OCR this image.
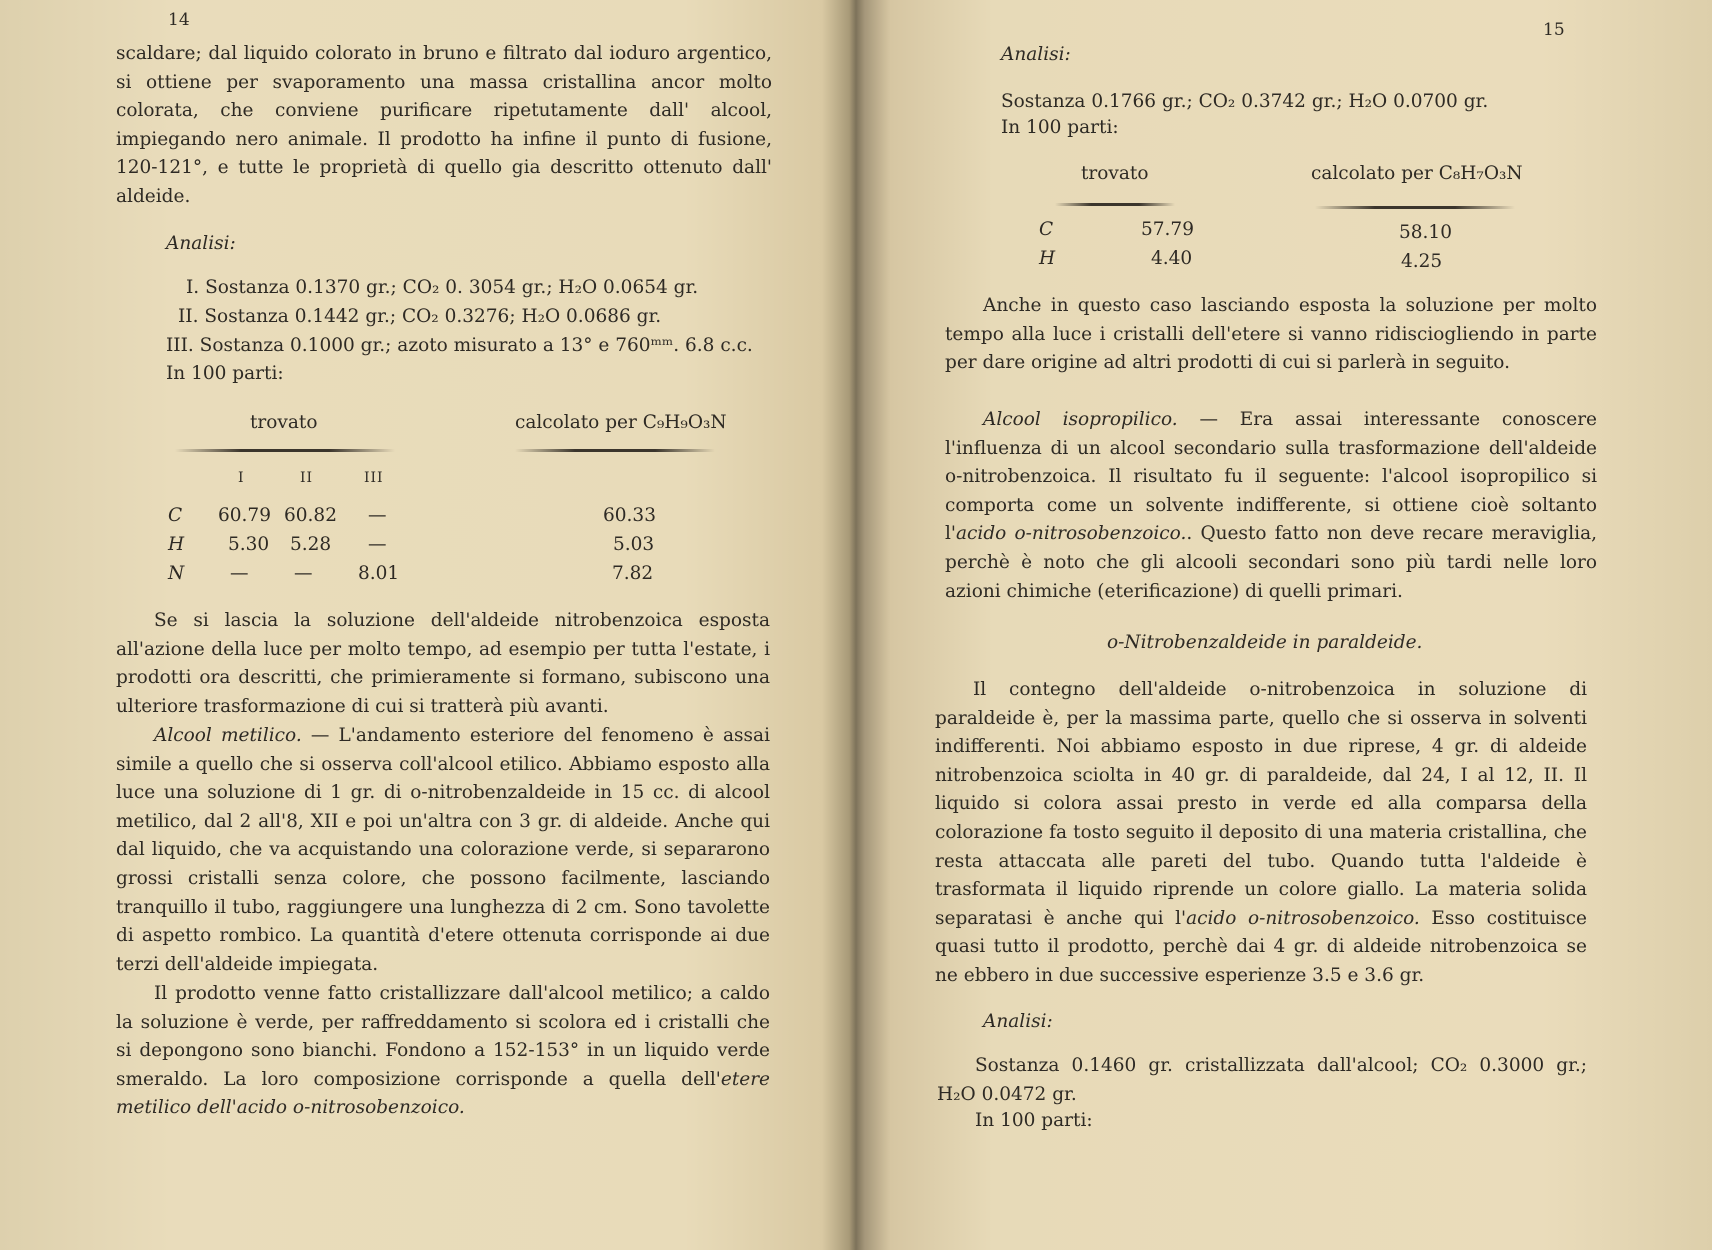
14

scaldare; dal liquido colorato in bruno e filtrato dal ioduro argentico, si ottiene per svaporamento una massa cristallina ancor molto colorata, che conviene purificare ripetutamente dall' alcool, impiegando nero animale. Il prodotto ha infine il punto di fusione, 120-121°, e tutte le proprietà di quello gia descritto ottenuto dall' aldeide.

Analisi:
I. Sostanza 0.1370 gr.; CO₂ 0. 3054 gr.; H₂O 0.0654 gr.
II. Sostanza 0.1442 gr.; CO₂ 0.3276; H₂O 0.0686 gr.
III. Sostanza 0.1000 gr.; azoto misurato a 13° e 760ᵐᵐ. 6.8 c.c.
In 100 parti:
trovato	calcolato per C₉H₉O₃N
I	II	III
C 60.79 60.82 —	60.33
H 5.30 5.28 —	5.03
N — — 8.01	7.82

Se si lascia la soluzione dell'aldeide nitrobenzoica esposta all'azione della luce per molto tempo, ad esempio per tutta l'estate, i prodotti ora descritti, che primieramente si formano, subiscono una ulteriore trasformazione di cui si tratterà più avanti.

Alcool metilico. — L'andamento esteriore del fenomeno è assai simile a quello che si osserva coll'alcool etilico. Abbiamo esposto alla luce una soluzione di 1 gr. di o-nitrobenzaldeide in 15 cc. di alcool metilico, dal 2 all'8, XII e poi un'altra con 3 gr. di aldeide. Anche qui dal liquido, che va acquistando una colorazione verde, si separarono grossi cristalli senza colore, che possono facilmente, lasciando tranquillo il tubo, raggiungere una lunghezza di 2 cm. Sono tavolette di aspetto rombico. La quantità d'etere ottenuta corrisponde ai due terzi dell'aldeide impiegata.

Il prodotto venne fatto cristallizzare dall'alcool metilico; a caldo la soluzione è verde, per raffreddamento si scolora ed i cristalli che si depongono sono bianchi. Fondono a 152-153° in un liquido verde smeraldo. La loro composizione corrisponde a quella dell'etere metilico dell'acido o-nitrosobenzoico.

15
Analisi:
Sostanza 0.1766 gr.; CO₂ 0.3742 gr.; H₂O 0.0700 gr.
In 100 parti:
trovato	calcolato per C₈H₇O₃N
C	57.79	58.10
H	4.40	4.25

Anche in questo caso lasciando esposta la soluzione per molto tempo alla luce i cristalli dell'etere si vanno ridisciogliendo in parte per dare origine ad altri prodotti di cui si parlerà in seguito.

Alcool isopropilico. — Era assai interessante conoscere l'influenza di un alcool secondario sulla trasformazione dell'aldeide o-nitrobenzoica. Il risultato fu il seguente: l'alcool isopropilico si comporta come un solvente indifferente, si ottiene cioè soltanto l'acido o-nitrosobenzoico.. Questo fatto non deve recare meraviglia, perchè è noto che gli alcooli secondari sono più tardi nelle loro azioni chimiche (eterificazione) di quelli primari.

o-Nitrobenzaldeide in paraldeide.

Il contegno dell'aldeide o-nitrobenzoica in soluzione di paraldeide è, per la massima parte, quello che si osserva in solventi indifferenti. Noi abbiamo esposto in due riprese, 4 gr. di aldeide nitrobenzoica sciolta in 40 gr. di paraldeide, dal 24, I al 12, II. Il liquido si colora assai presto in verde ed alla comparsa della colorazione fa tosto seguito il deposito di una materia cristallina, che resta attaccata alle pareti del tubo. Quando tutta l'aldeide è trasformata il liquido riprende un colore giallo. La materia solida separatasi è anche qui l'acido o-nitrosobenzoico. Esso costituisce quasi tutto il prodotto, perchè dai 4 gr. di aldeide nitrobenzoica se ne ebbero in due successive esperienze 3.5 e 3.6 gr.

Analisi:

Sostanza 0.1460 gr. cristallizzata dall'alcool; CO₂ 0.3000 gr.; H₂O 0.0472 gr.

In 100 parti:
